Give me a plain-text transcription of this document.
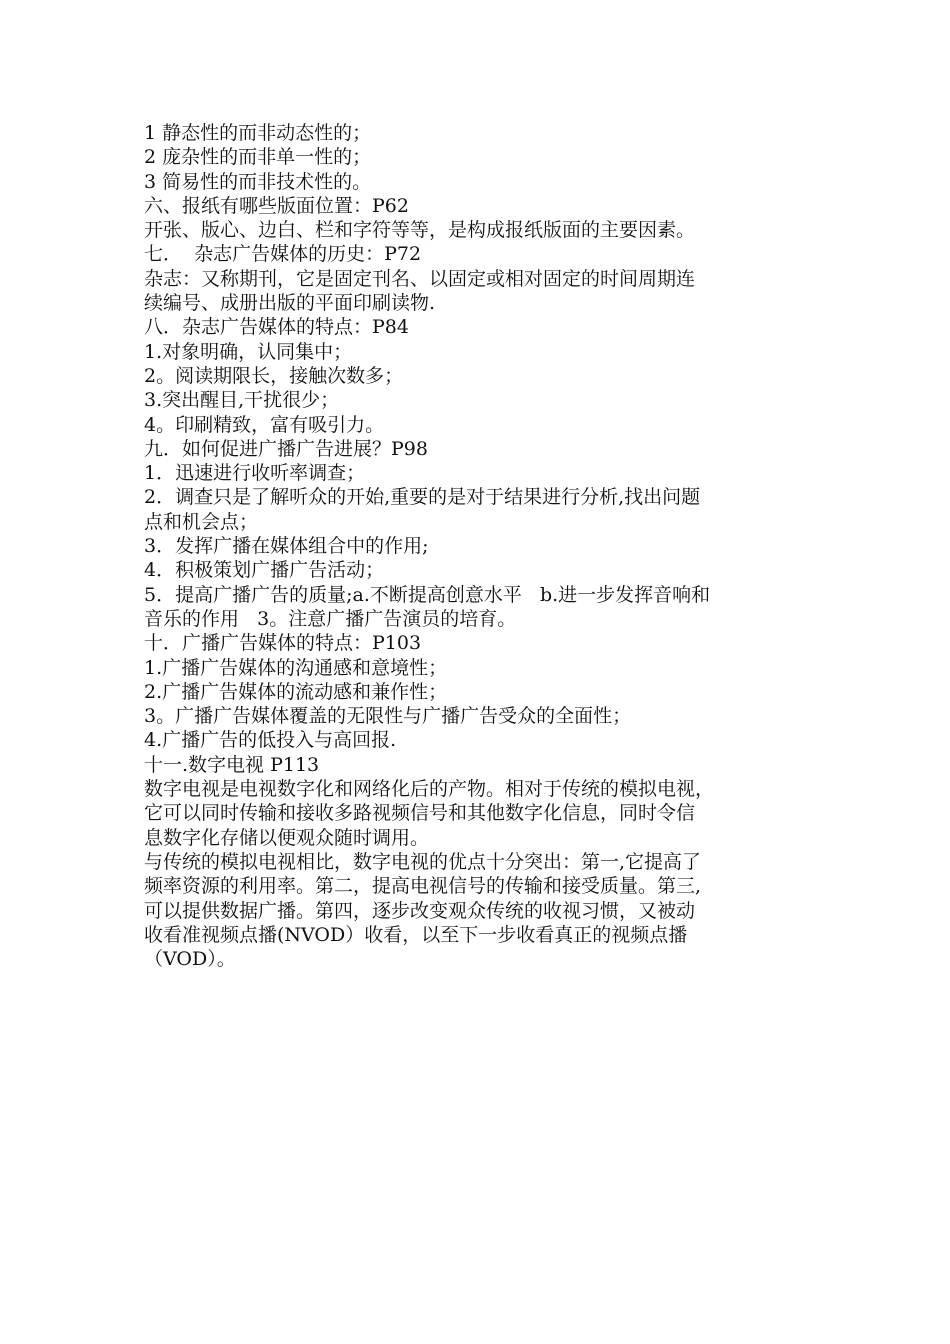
1 静态性的而非动态性的；
2 庞杂性的而非单一性的；
3 简易性的而非技术性的。
六、报纸有哪些版面位置：P62
开张、版心、边白、栏和字符等等，是构成报纸版面的主要因素。
七．  杂志广告媒体的历史：P72
杂志：又称期刊，它是固定刊名、以固定或相对固定的时间周期连
续编号、成册出版的平面印刷读物.
八．杂志广告媒体的特点：P84
1.对象明确，认同集中；
2。阅读期限长，接触次数多；
3.突出醒目,干扰很少；
4。印刷精致，富有吸引力。
九．如何促进广播广告进展？P98
1．迅速进行收听率调查；
2．调查只是了解听众的开始,重要的是对于结果进行分析,找出问题
点和机会点；
3．发挥广播在媒体组合中的作用;
4．积极策划广播广告活动；
5．提高广播广告的质量;a.不断提高创意水平   b.进一步发挥音响和
音乐的作用   3。注意广播广告演员的培育。
十．广播广告媒体的特点：P103
1.广播广告媒体的沟通感和意境性；
2.广播广告媒体的流动感和兼作性；
3。广播广告媒体覆盖的无限性与广播广告受众的全面性；
4.广播广告的低投入与高回报.
十一.数字电视 P113
数字电视是电视数字化和网络化后的产物。相对于传统的模拟电视，
它可以同时传输和接收多路视频信号和其他数字化信息，同时令信
息数字化存储以便观众随时调用。
与传统的模拟电视相比，数字电视的优点十分突出：第一,它提高了
频率资源的利用率。第二，提高电视信号的传输和接受质量。第三,
可以提供数据广播。第四，逐步改变观众传统的收视习惯，又被动
收看准视频点播(NVOD）收看，以至下一步收看真正的视频点播
（VOD）。
